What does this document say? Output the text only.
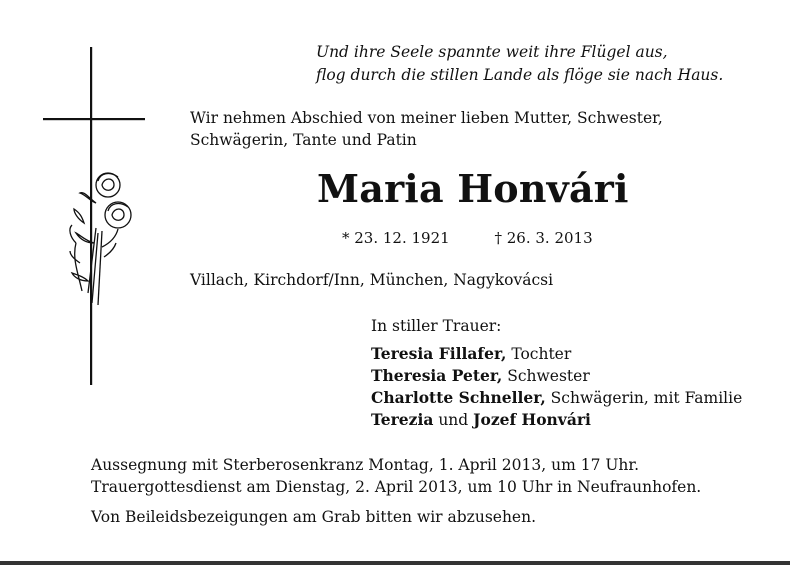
Und ihre Seele spannte weit ihre Flügel aus,
flog durch die stillen Lande als flöge sie nach Haus.
Wir nehmen Abschied von meiner lieben Mutter, Schwester,
Schwägerin, Tante und Patin
Maria Honvári
* 23. 12. 1921	† 26. 3. 2013
Villach, Kirchdorf/Inn, München, Nagykovácsi
In stiller Trauer:
Teresia Fillafer, Tochter
Theresia Peter, Schwester
Charlotte Schneller, Schwägerin, mit Familie
Terezia und Jozef Honvári
Aussegnung mit Sterberosenkranz Montag, 1. April 2013, um 17 Uhr.
Trauergottesdienst am Dienstag, 2. April 2013, um 10 Uhr in Neufraunhofen.
Von Beileidsbezeigungen am Grab bitten wir abzusehen.
